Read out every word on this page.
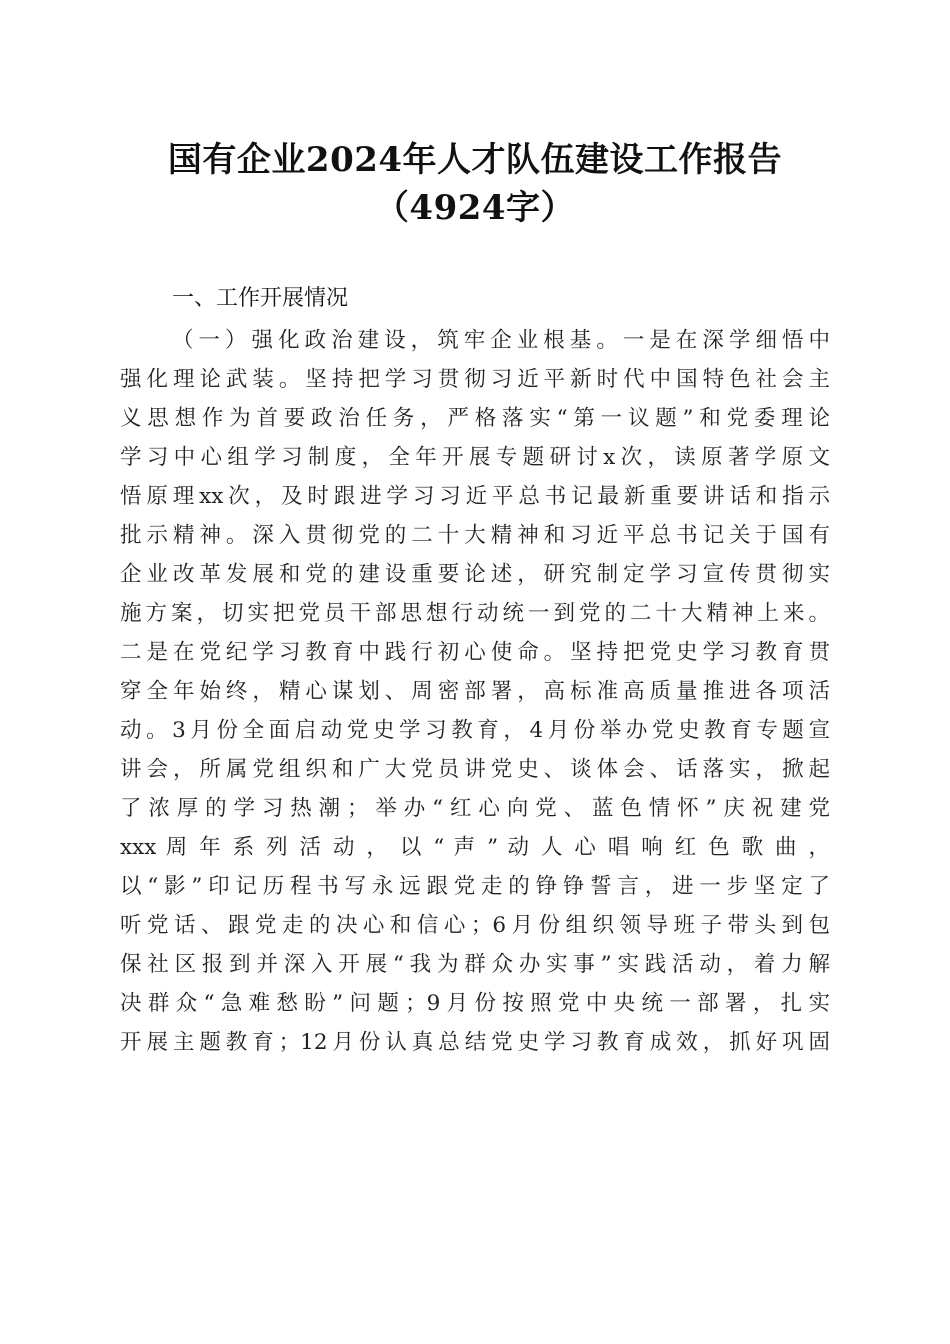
国有企业2024年人才队伍建设工作报告
（4924字）
一、工作开展情况
（一）强化政治建设，筑牢企业根基。一是在深学细悟中
强化理论武装。坚持把学习贯彻习近平新时代中国特色社会主
义思想作为首要政治任务，严格落实“第一议题”和党委理论
学习中心组学习制度，全年开展专题研讨x次，读原著学原文
悟原理xx次，及时跟进学习习近平总书记最新重要讲话和指示
批示精神。深入贯彻党的二十大精神和习近平总书记关于国有
企业改革发展和党的建设重要论述，研究制定学习宣传贯彻实
施方案，切实把党员干部思想行动统一到党的二十大精神上来。
二是在党纪学习教育中践行初心使命。坚持把党史学习教育贯
穿全年始终，精心谋划、周密部署，高标准高质量推进各项活
动。3月份全面启动党史学习教育，4月份举办党史教育专题宣
讲会，所属党组织和广大党员讲党史、谈体会、话落实，掀起
了浓厚的学习热潮；举办“红心向党、蓝色情怀”庆祝建党
xxx 周 年 系 列 活 动 ， 以 “ 声 ” 动 人 心 唱 响 红 色 歌 曲 ，
以“影”印记历程书写永远跟党走的铮铮誓言，进一步坚定了
听党话、跟党走的决心和信心；6月份组织领导班子带头到包
保社区报到并深入开展“我为群众办实事”实践活动，着力解
决群众“急难愁盼”问题；9月份按照党中央统一部署，扎实
开展主题教育；12月份认真总结党史学习教育成效，抓好巩固
